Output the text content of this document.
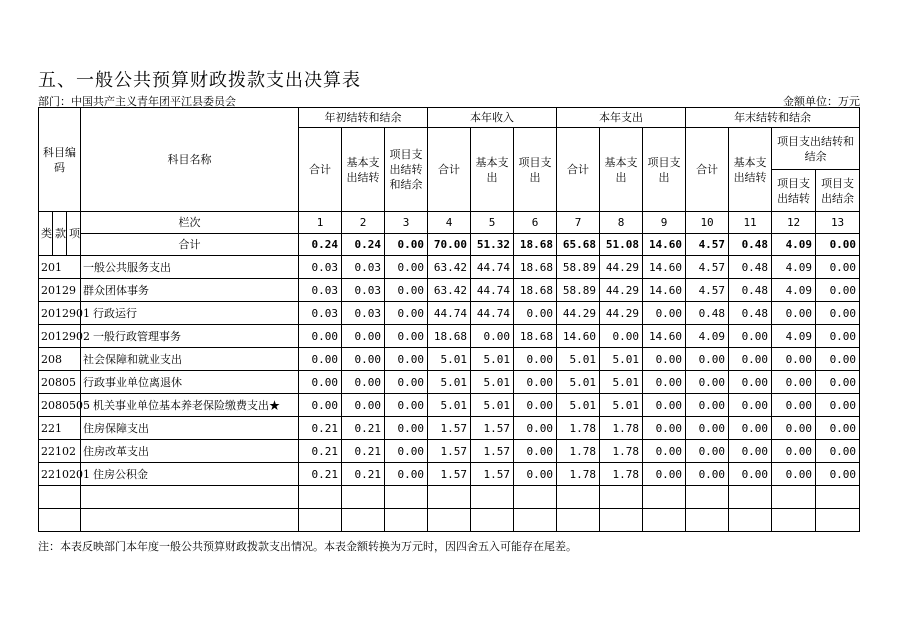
五、一般公共预算财政拨款支出决算表
部门：中国共产主义青年团平江县委员会	金额单位：万元
科目编码			科目名称	年初结转和结余			本年收入			本年支出			年末结转和结余			
				合计	基本支出结转	项目支出结转和结余	合计	基本支出	项目支出	合计	基本支出	项目支出	合计	基本支出结转	项目支出结转和结余	
															项目支出结转	项目支出结余
类	款	项	栏次	1	2	3	4	5	6	7	8	9	10	11	12	13
			合计	0.24	0.24	0.00	70.00	51.32	18.68	65.68	51.08	14.60	4.57	0.48	4.09	0.00
201			一般公共服务支出	0.03	0.03	0.00	63.42	44.74	18.68	58.89	44.29	14.60	4.57	0.48	4.09	0.00
20129			群众团体事务	0.03	0.03	0.00	63.42	44.74	18.68	58.89	44.29	14.60	4.57	0.48	4.09	0.00
2012901			行政运行	0.03	0.03	0.00	44.74	44.74	0.00	44.29	44.29	0.00	0.48	0.48	0.00	0.00
2012902			一般行政管理事务	0.00	0.00	0.00	18.68	0.00	18.68	14.60	0.00	14.60	4.09	0.00	4.09	0.00
208			社会保障和就业支出	0.00	0.00	0.00	5.01	5.01	0.00	5.01	5.01	0.00	0.00	0.00	0.00	0.00
20805			行政事业单位离退休	0.00	0.00	0.00	5.01	5.01	0.00	5.01	5.01	0.00	0.00	0.00	0.00	0.00
2080505			机关事业单位基本养老保险缴费支出★	0.00	0.00	0.00	5.01	5.01	0.00	5.01	5.01	0.00	0.00	0.00	0.00	0.00
221			住房保障支出	0.21	0.21	0.00	1.57	1.57	0.00	1.78	1.78	0.00	0.00	0.00	0.00	0.00
22102			住房改革支出	0.21	0.21	0.00	1.57	1.57	0.00	1.78	1.78	0.00	0.00	0.00	0.00	0.00
2210201			住房公积金	0.21	0.21	0.00	1.57	1.57	0.00	1.78	1.78	0.00	0.00	0.00	0.00	0.00

注：本表反映部门本年度一般公共预算财政拨款支出情况。本表金额转换为万元时，因四舍五入可能存在尾差。
